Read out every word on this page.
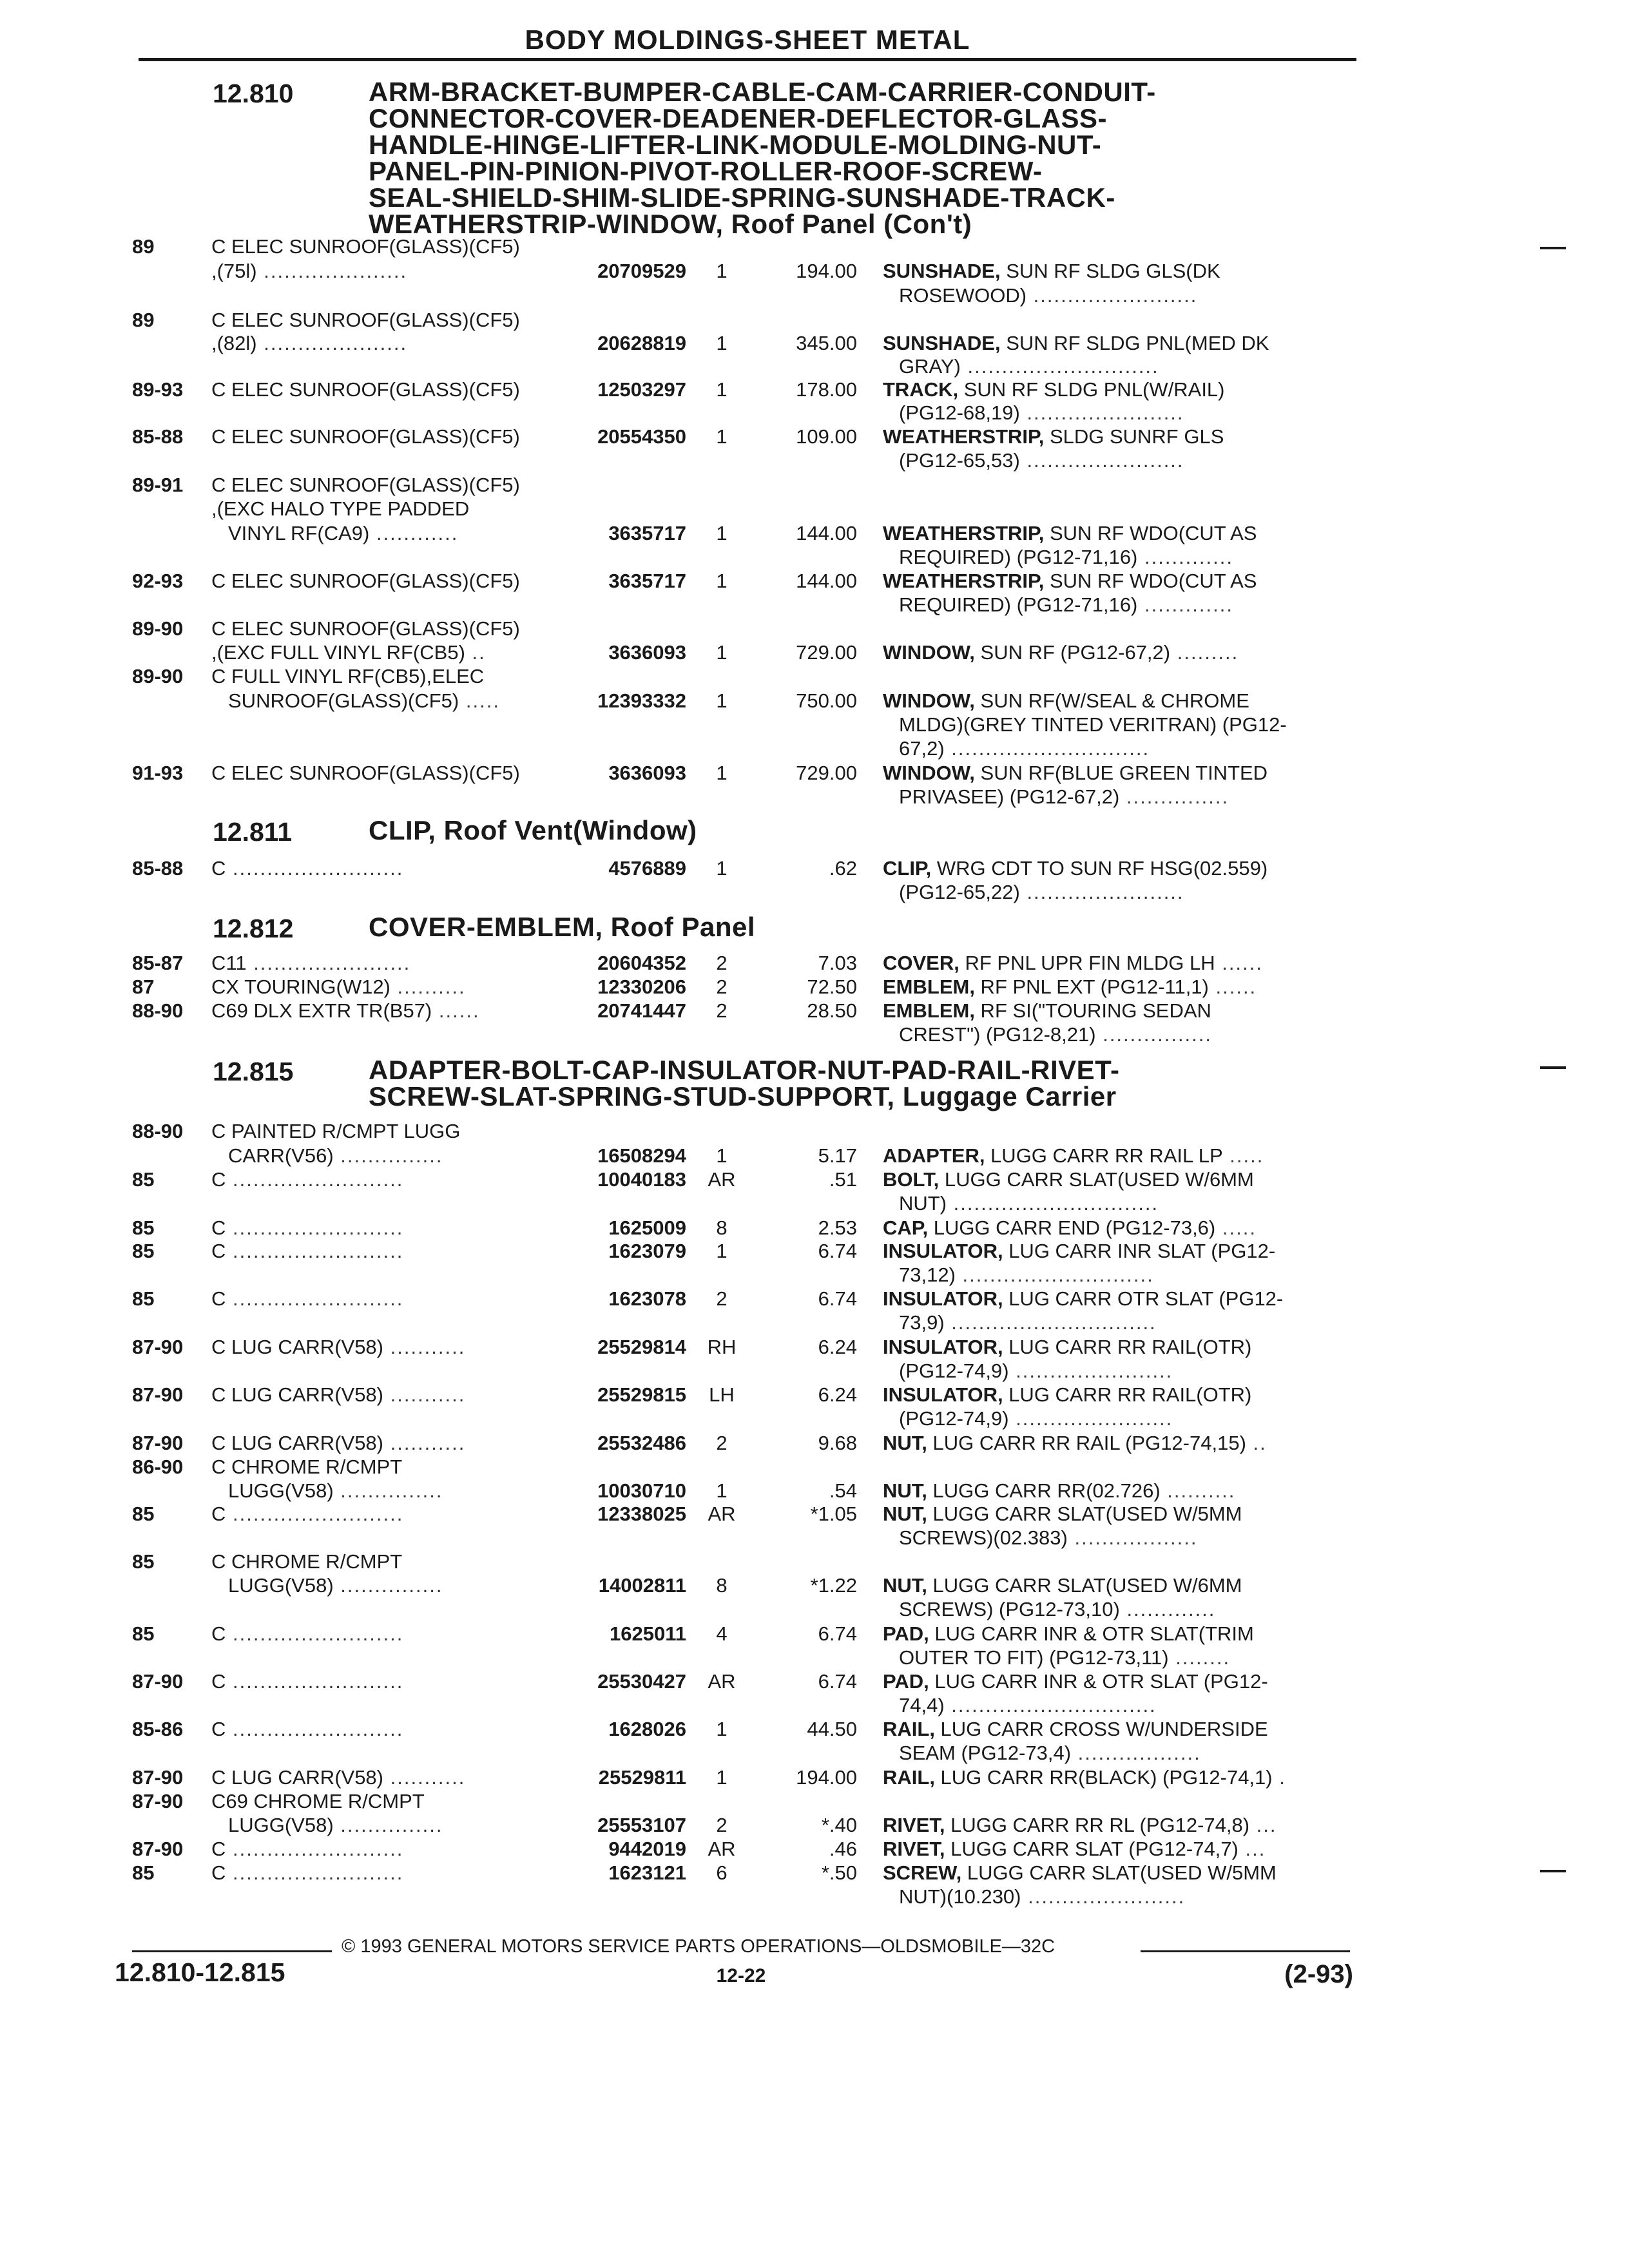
BODY MOLDINGS-SHEET METAL
12.810	ARM-BRACKET-BUMPER-CABLE-CAM-CARRIER-CONDUIT-
CONNECTOR-COVER-DEADENER-DEFLECTOR-GLASS-
HANDLE-HINGE-LIFTER-LINK-MODULE-MOLDING-NUT-
PANEL-PIN-PINION-PIVOT-ROLLER-ROOF-SCREW-
SEAL-SHIELD-SHIM-SLIDE-SPRING-SUNSHADE-TRACK-
WEATHERSTRIP-WINDOW, Roof Panel (Con't)
89	C ELEC SUNROOF(GLASS)(CF5)
,(75l) .....................	20709529	1	194.00 SUNSHADE, SUN RF SLDG GLS(DK
ROSEWOOD) ........................
89	C ELEC SUNROOF(GLASS)(CF5)
,(82l) .....................	20628819	1	345.00 SUNSHADE, SUN RF SLDG PNL(MED DK
GRAY) ............................
89-93 C ELEC SUNROOF(GLASS)(CF5)	12503297	1	178.00 TRACK, SUN RF SLDG PNL(W/RAIL)
(PG12-68,19) .......................
85-88 C ELEC SUNROOF(GLASS)(CF5)	20554350	1	109.00 WEATHERSTRIP, SLDG SUNRF GLS
(PG12-65,53) .......................
89-91 C ELEC SUNROOF(GLASS)(CF5)
,(EXC HALO TYPE PADDED
VINYL RF(CA9) ............	3635717	1	144.00 WEATHERSTRIP, SUN RF WDO(CUT AS
REQUIRED) (PG12-71,16) .............
92-93 C ELEC SUNROOF(GLASS)(CF5)	3635717	1	144.00 WEATHERSTRIP, SUN RF WDO(CUT AS
REQUIRED) (PG12-71,16) .............
89-90 C ELEC SUNROOF(GLASS)(CF5)
,(EXC FULL VINYL RF(CB5) ..	3636093	1	729.00 WINDOW, SUN RF (PG12-67,2) .........
89-90 C FULL VINYL RF(CB5),ELEC
SUNROOF(GLASS)(CF5) .....	12393332	1	750.00 WINDOW, SUN RF(W/SEAL & CHROME
MLDG)(GREY TINTED VERITRAN) (PG12-
67,2) .............................
91-93 C ELEC SUNROOF(GLASS)(CF5)	3636093	1	729.00 WINDOW, SUN RF(BLUE GREEN TINTED
PRIVASEE) (PG12-67,2) ...............
12.811	CLIP, Roof Vent(Window)
85-88 C .........................	4576889	1	.62 CLIP, WRG CDT TO SUN RF HSG(02.559)
(PG12-65,22) .......................
12.812	COVER-EMBLEM, Roof Panel
85-87 C11 .......................	20604352	2	7.03 COVER, RF PNL UPR FIN MLDG LH ......
87	CX TOURING(W12) ..........	12330206	2	72.50 EMBLEM, RF PNL EXT (PG12-11,1) ......
88-90 C69 DLX EXTR TR(B57) ......	20741447	2	28.50 EMBLEM, RF SI("TOURING SEDAN
CREST") (PG12-8,21) ................
12.815	ADAPTER-BOLT-CAP-INSULATOR-NUT-PAD-RAIL-RIVET-
SCREW-SLAT-SPRING-STUD-SUPPORT, Luggage Carrier
88-90 C PAINTED R/CMPT LUGG
CARR(V56) ...............	16508294	1	5.17 ADAPTER, LUGG CARR RR RAIL LP .....
85	C .........................	10040183	AR	.51 BOLT, LUGG CARR SLAT(USED W/6MM
NUT) ..............................
85	C .........................	1625009	8	2.53 CAP, LUGG CARR END (PG12-73,6) .....
85	C .........................	1623079	1	6.74 INSULATOR, LUG CARR INR SLAT (PG12-
73,12) ............................
85	C .........................	1623078	2	6.74 INSULATOR, LUG CARR OTR SLAT (PG12-
73,9) ..............................
87-90 C LUG CARR(V58) ...........	25529814	RH	6.24 INSULATOR, LUG CARR RR RAIL(OTR)
(PG12-74,9) .......................
87-90 C LUG CARR(V58) ...........	25529815	LH	6.24 INSULATOR, LUG CARR RR RAIL(OTR)
(PG12-74,9) .......................
87-90 C LUG CARR(V58) ...........	25532486	2	9.68 NUT, LUG CARR RR RAIL (PG12-74,15) ..
86-90 C CHROME R/CMPT
LUGG(V58) ...............	10030710	1	.54 NUT, LUGG CARR RR(02.726) ..........
85	C .........................	12338025	AR	*1.05 NUT, LUGG CARR SLAT(USED W/5MM
SCREWS)(02.383) ..................
85	C CHROME R/CMPT
LUGG(V58) ...............	14002811	8	*1.22 NUT, LUGG CARR SLAT(USED W/6MM
SCREWS) (PG12-73,10) .............
85	C .........................	1625011	4	6.74 PAD, LUG CARR INR & OTR SLAT(TRIM
OUTER TO FIT) (PG12-73,11) ........
87-90 C .........................	25530427	AR	6.74 PAD, LUG CARR INR & OTR SLAT (PG12-
74,4) ..............................
85-86 C .........................	1628026	1	44.50 RAIL, LUG CARR CROSS W/UNDERSIDE
SEAM (PG12-73,4) ..................
87-90 C LUG CARR(V58) ...........	25529811	1	194.00 RAIL, LUG CARR RR(BLACK) (PG12-74,1) .
87-90 C69 CHROME R/CMPT
LUGG(V58) ...............	25553107	2	*.40 RIVET, LUGG CARR RR RL (PG12-74,8) ...
87-90 C .........................	9442019	AR	.46 RIVET, LUGG CARR SLAT (PG12-74,7) ...
85	C .........................	1623121	6	*.50 SCREW, LUGG CARR SLAT(USED W/5MM
NUT)(10.230) .......................
© 1993 GENERAL MOTORS SERVICE PARTS OPERATIONS—OLDSMOBILE—32C
12.810-12.815	12-22	(2-93)
